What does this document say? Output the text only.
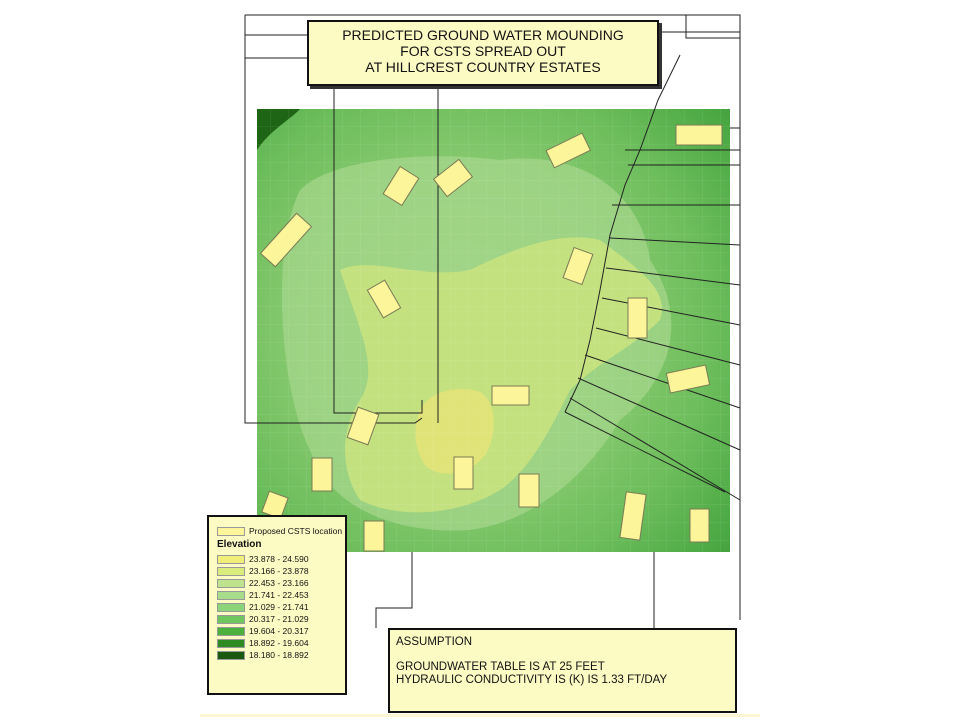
PREDICTED GROUND WATER MOUNDING
FOR CSTS SPREAD OUT
AT HILLCREST COUNTRY ESTATES
Proposed CSTS location
Elevation
23.878 - 24.590
23.166 - 23.878
22.453 - 23.166
21.741 - 22.453
21.029 - 21.741
20.317 - 21.029
19.604 - 20.317
18.892 - 19.604
18.180 - 18.892
ASSUMPTION
GROUNDWATER TABLE IS AT 25 FEET
HYDRAULIC CONDUCTIVITY IS (K) IS 1.33 FT/DAY
